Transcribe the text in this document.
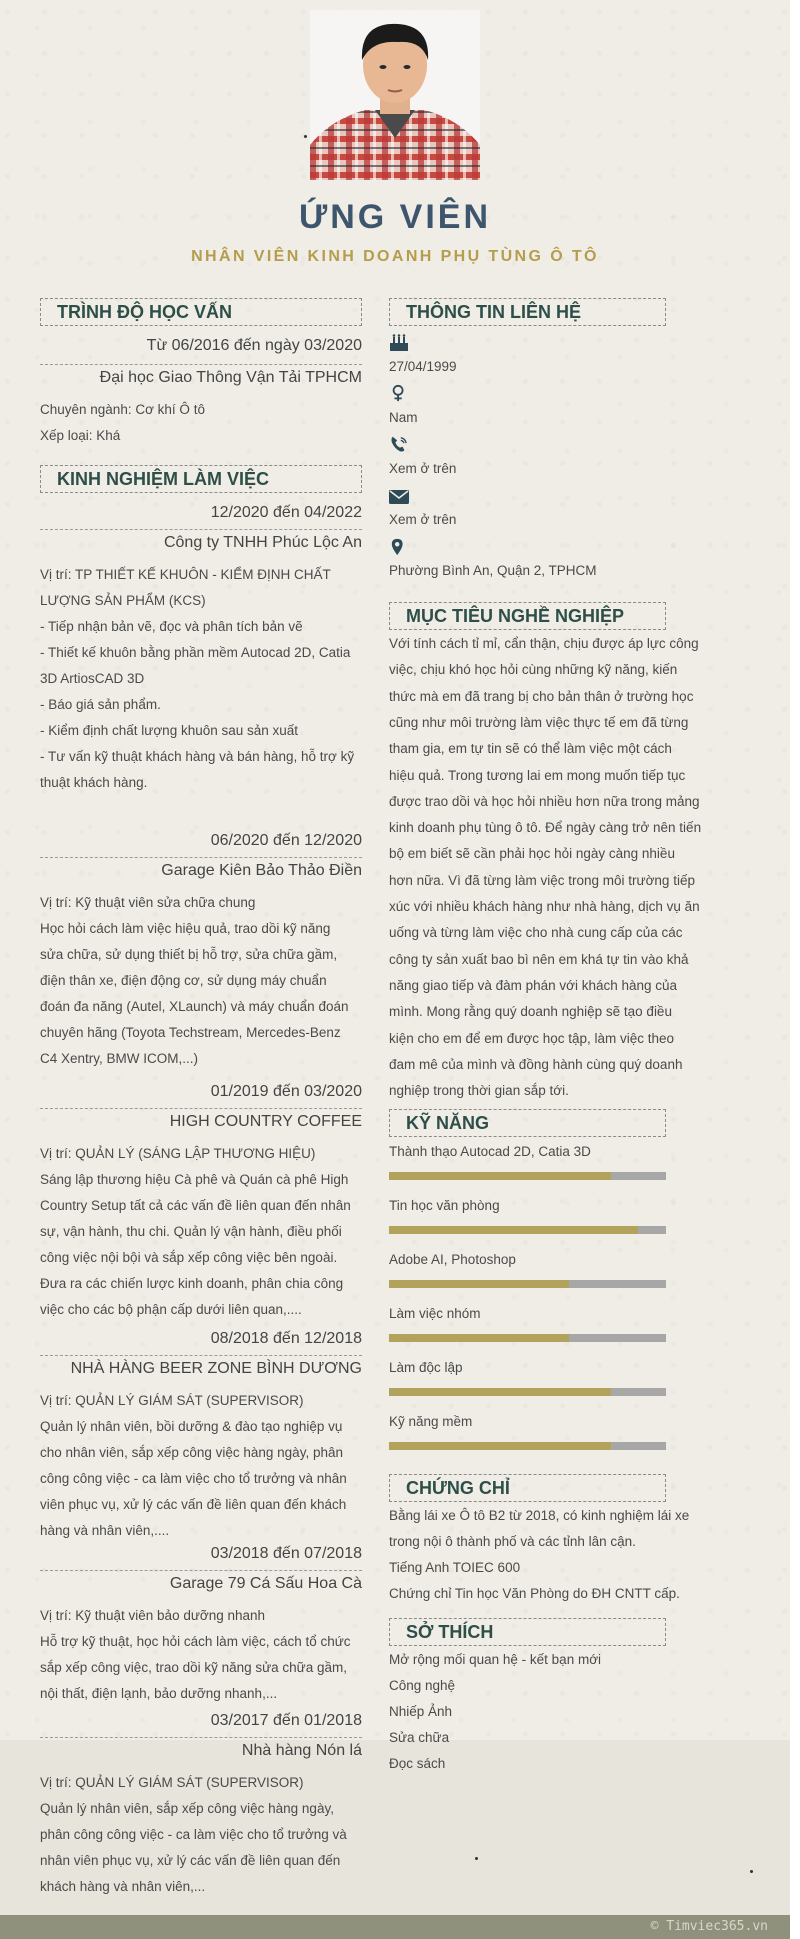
ỨNG VIÊN
NHÂN VIÊN KINH DOANH PHỤ TÙNG Ô TÔ
TRÌNH ĐỘ HỌC VẤN
Từ 06/2016 đến ngày 03/2020
Đại học Giao Thông Vận Tải TPHCM
Chuyên ngành: Cơ khí Ô tô
Xếp loại: Khá
KINH NGHIỆM LÀM VIỆC
THÔNG TIN LIÊN HỆ
27/04/1999
Nam
Xem ở trên
Xem ở trên
Phường Bình An, Quận 2, TPHCM
MỤC TIÊU NGHỀ NGHIỆP
KỸ NĂNG
CHỨNG CHỈ
SỞ THÍCH
© Timviec365.vn
12/2020 đến 04/2022
Công ty TNHH Phúc Lộc An
Vị trí: TP THIẾT KẾ KHUÔN - KIỂM ĐỊNH CHẤT
LƯỢNG SẢN PHẨM (KCS)
- Tiếp nhận bản vẽ, đọc và phân tích bản vẽ
- Thiết kế khuôn bằng phần mềm Autocad 2D, Catia
3D ArtiosCAD 3D
- Báo giá sản phẩm.
- Kiểm định chất lượng khuôn sau sản xuất
- Tư vấn kỹ thuật khách hàng và bán hàng, hỗ trợ kỹ
thuật khách hàng.
06/2020 đến 12/2020
Garage Kiên Bảo Thảo Điền
Vị trí: Kỹ thuật viên sửa chữa chung
Học hỏi cách làm việc hiệu quả, trao dồi kỹ năng
sửa chữa, sử dụng thiết bị hỗ trợ, sửa chữa gầm,
điện thân xe, điện động cơ, sử dụng máy chuẩn
đoán đa năng (Autel, XLaunch) và máy chuẩn đoán
chuyên hãng (Toyota Techstream, Mercedes-Benz
C4 Xentry, BMW ICOM,...)
01/2019 đến 03/2020
HIGH COUNTRY COFFEE
Vị trí: QUẢN LÝ (SÁNG LẬP THƯƠNG HIỆU)
Sáng lập thương hiệu Cà phê và Quán cà phê High
Country Setup tất cả các vấn đề liên quan đến nhân
sự, vận hành, thu chi. Quản lý vận hành, điều phối
công việc nội bội và sắp xếp công việc bên ngoài.
Đưa ra các chiến lược kinh doanh, phân chia công
việc cho các bộ phận cấp dưới liên quan,....
08/2018 đến 12/2018
NHÀ HÀNG BEER ZONE BÌNH DƯƠNG
Vị trí: QUẢN LÝ GIÁM SÁT (SUPERVISOR)
Quản lý nhân viên, bồi dưỡng & đào tạo nghiệp vụ
cho nhân viên, sắp xếp công việc hàng ngày, phân
công công việc - ca làm việc cho tổ trưởng và nhân
viên phục vụ, xử lý các vấn đề liên quan đến khách
hàng và nhân viên,....
03/2018 đến 07/2018
Garage 79 Cá Sấu Hoa Cà
Vị trí: Kỹ thuật viên bảo dưỡng nhanh
Hỗ trợ kỹ thuật, học hỏi cách làm việc, cách tổ chức
sắp xếp công việc, trao dồi kỹ năng sửa chữa gầm,
nội thất, điện lạnh, bảo dưỡng nhanh,...
03/2017 đến 01/2018
Nhà hàng Nón lá
Vị trí: QUẢN LÝ GIÁM SÁT (SUPERVISOR)
Quản lý nhân viên, sắp xếp công việc hàng ngày,
phân công công việc - ca làm việc cho tổ trưởng và
nhân viên phục vụ, xử lý các vấn đề liên quan đến
khách hàng và nhân viên,...
Với tính cách tỉ mỉ, cẩn thận, chịu được áp lực công
việc, chịu khó học hỏi cùng những kỹ năng, kiến
thức mà em đã trang bị cho bản thân ở trường học
cũng như môi trường làm việc thực tế em đã từng
tham gia, em tự tin sẽ có thể làm việc một cách
hiệu quả. Trong tương lai em mong muốn tiếp tục
được trao dồi và học hỏi nhiều hơn nữa trong mảng
kinh doanh phụ tùng ô tô. Để ngày càng trở nên tiến
bộ em biết sẽ cần phải học hỏi ngày càng nhiều
hơn nữa. Vì đã từng làm việc trong môi trường tiếp
xúc với nhiều khách hàng như nhà hàng, dịch vụ ăn
uống và từng làm việc cho nhà cung cấp của các
công ty sản xuất bao bì nên em khá tự tin vào khả
năng giao tiếp và đàm phán với khách hàng của
mình. Mong rằng quý doanh nghiệp sẽ tạo điều
kiện cho em để em được học tập, làm việc theo
đam mê của mình và đồng hành cùng quý doanh
nghiệp trong thời gian sắp tới.
Thành thạo Autocad 2D, Catia 3D
Tin học văn phòng
Adobe AI, Photoshop
Làm việc nhóm
Làm độc lập
Kỹ năng mềm
Bằng lái xe Ô tô B2 từ 2018, có kinh nghiệm lái xe
trong nội ô thành phố và các tỉnh lân cận.
Tiếng Anh TOIEC 600
Chứng chỉ Tin học Văn Phòng do ĐH CNTT cấp.
Mở rộng mối quan hệ - kết bạn mới
Công nghệ
Nhiếp Ảnh
Sửa chữa
Đọc sách
